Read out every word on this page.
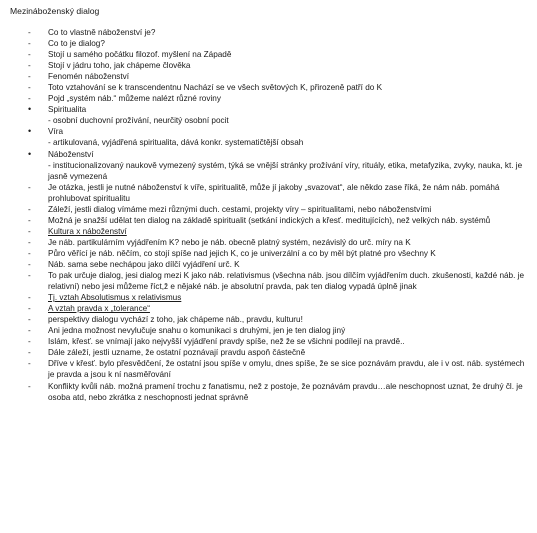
Mezináboženský dialog
-	Co to vlastně náboženství je?
-	Co to je dialog?
-	Stojí u samého počátku filozof. myšlení na Západě
-	Stojí v jádru toho, jak chápeme člověka
-	Fenomén náboženství
-	Toto vztahování se k transcendentnu Nachází se ve všech světových K, přirozeně patří do K
-	Pojd „systém náb.“ můžeme nalézt různé roviny
•	Spiritualita
- osobní duchovní prožívání, neurčitý osobní pocit
•	Víra
- artikulovaná, vyjádřená spiritualita, dává konkr. systematičtější obsah
•	Náboženství
- institucionalizovaný naukově vymezený systém, týká se vnější stránky prožívání víry, rituály, etika, metafyzika, zvyky, nauka, kt. je jasně vymezená
-	Je otázka, jestli je nutné náboženství k víře, spiritualitě, může jí jakoby „svazovat“, ale někdo zase říká, že nám náb. pomáhá prohlubovat spiritualitu
-	Záleží, jestli dialog vímáme mezi různými duch. cestami, projekty víry – spiritualitami, nebo náboženstvími
-	Možná je snažší udělat ten dialog na základě spiritualit (setkání indických a křesť. meditujících), než velkých náb. systémů
-	Kultura x náboženství
-	Je náb. partikulárním vyjádřením K? nebo je náb. obecně platný systém, nezávislý do urč. míry na K
-	Půro věřící je náb. něčím, co stojí spíše nad jejich K, co je univerzální a co by měl být platné pro všechny K
-	Náb. sama sebe nechápou jako dílčí vyjádření urč. K
-	To pak určuje dialog, jesi dialog mezi K jako náb. relativismus (všechna náb. jsou dílčím vyjádřením duch. zkušenosti, každé náb. je relativní) nebo jesi můžeme říct,ž e nějaké náb. je absolutní pravda, pak ten dialog vypadá úplně jinak
-	Tj. vztah Absolutismus x relativismus
-	A vztah pravda x „tolerance“
-	perspektivy dialogu vychází z toho, jak chápeme náb., pravdu, kulturu!
-	Ani jedna možnost nevylučuje snahu o komunikaci s druhými, jen je ten dialog jiný
-	Islám, křesť. se vnímají jako nejvyšší vyjádření pravdy spíše, než že se všichni podílejí na pravdě..
-	Dále záleží, jestli uzname, že ostatní poznávají pravdu aspoň částečně
-	Dříve v křesť. bylo přesvědčení, že ostatní jsou spíše v omylu, dnes spíše, že se sice poznávám pravdu, ale i v ost. náb. systémech je pravda a jsou k ní nasměřování
-	Konflikty kvůli náb. možná pramení trochu z fanatismu, než z postoje, že poznávám pravdu…ale neschopnost uznat, že druhý čl. je osoba atd, nebo zkrátka z neschopnosti jednat správně
